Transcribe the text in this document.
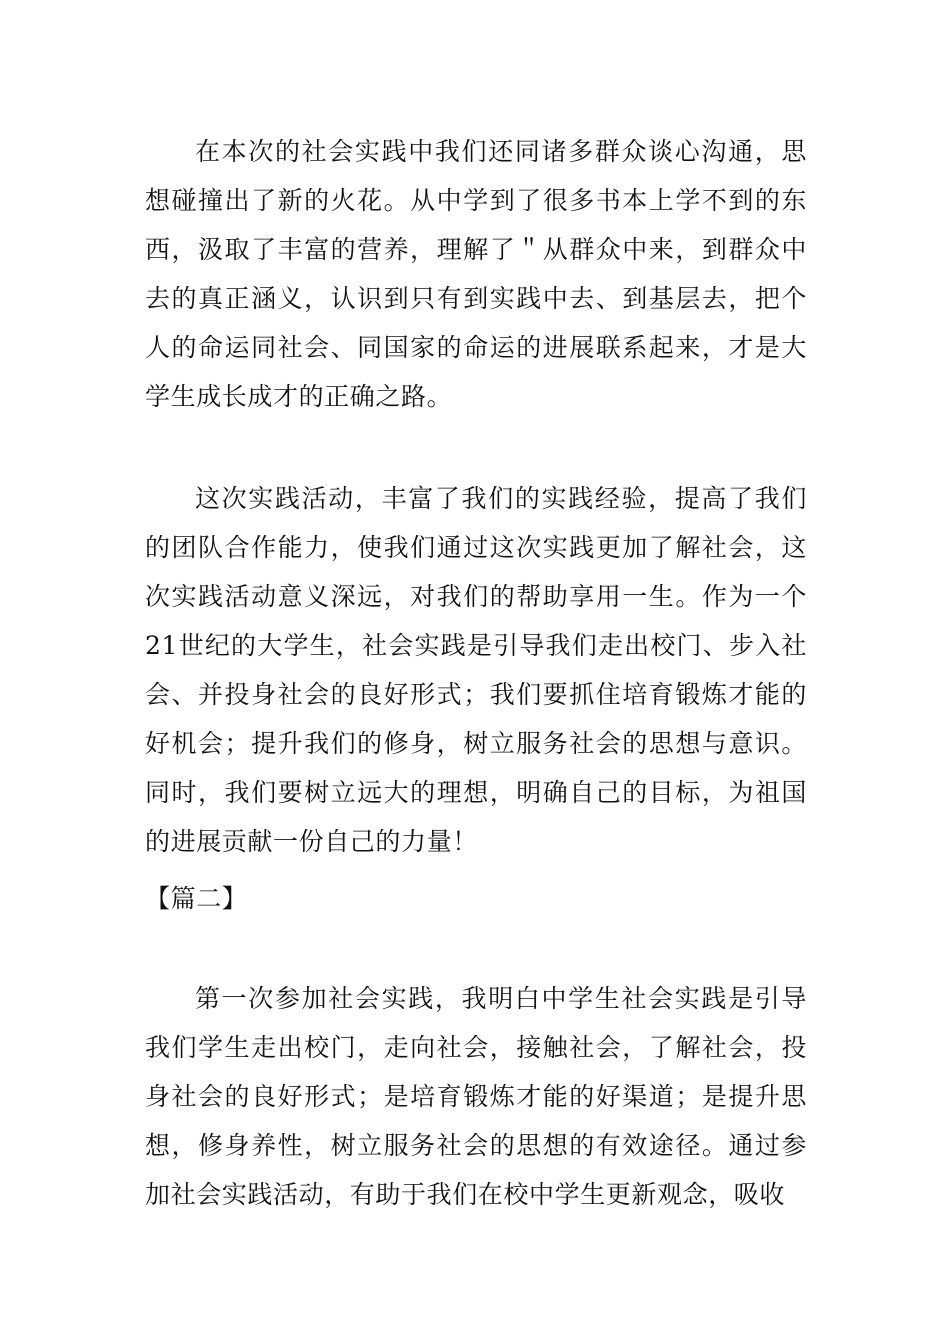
在本次的社会实践中我们还同诸多群众谈心沟通，思想碰撞出了新的火花。从中学到了很多书本上学不到的东西，汲取了丰富的营养，理解了＂从群众中来，到群众中去的真正涵义，认识到只有到实践中去、到基层去，把个人的命运同社会、同国家的命运的进展联系起来，才是大学生成长成才的正确之路。

这次实践活动，丰富了我们的实践经验，提高了我们的团队合作能力，使我们通过这次实践更加了解社会，这次实践活动意义深远，对我们的帮助享用一生。作为一个21世纪的大学生，社会实践是引导我们走出校门、步入社会、并投身社会的良好形式；我们要抓住培育锻炼才能的好机会；提升我们的修身，树立服务社会的思想与意识。同时，我们要树立远大的理想，明确自己的目标，为祖国的进展贡献一份自己的力量！

【篇二】

第一次参加社会实践，我明白中学生社会实践是引导我们学生走出校门，走向社会，接触社会，了解社会，投身社会的良好形式；是培育锻炼才能的好渠道；是提升思想，修身养性，树立服务社会的思想的有效途径。通过参加社会实践活动，有助于我们在校中学生更新观念，吸收
